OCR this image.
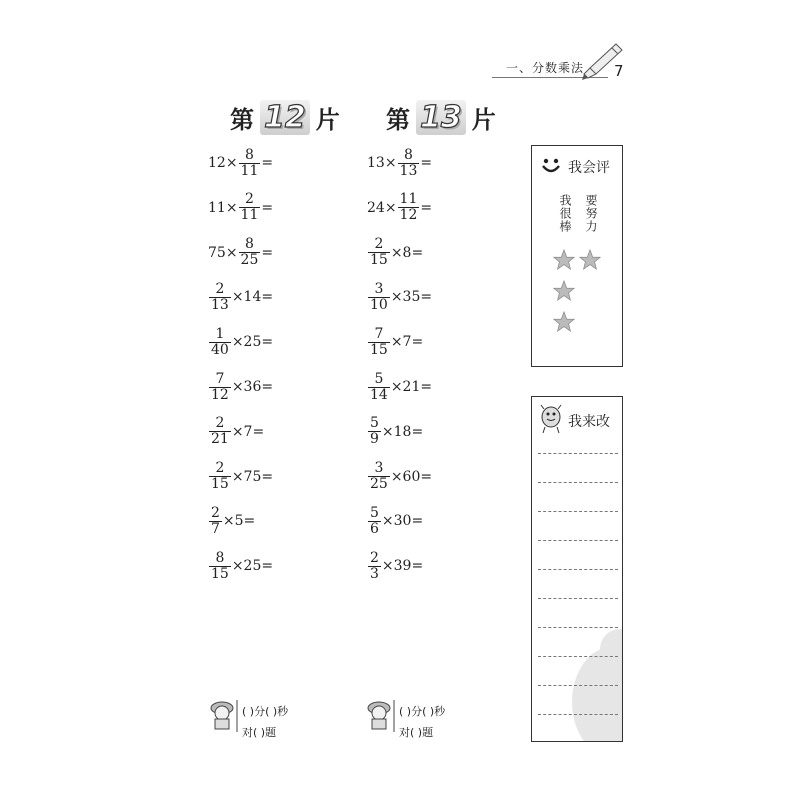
一、分数乘法 7
第 12 片 第 13 片
$12\times \frac{8}{11}$ =
$11\times \frac{2}{11}$ =
$75\times \frac{8}{25}$ =
$\frac{2}{13} \times 14=$
$\frac{1}{40} \times 25=$
$\frac{7}{12} \times 36=$
$\frac{2}{21} \times 7=$
$\frac{2}{15} \times 75=$
$\frac{2}{7} \times 5=$
$\frac{8}{15} \times 25=$
$13\times \frac{8}{13}$ =
$24\times \frac{11}{12}$ =
$\frac{2}{15} \times 8=$
$\frac{3}{10} \times 35=$
$\frac{7}{15} \times 7=$
$\frac{5}{14} \times 21=$
$\frac{5}{9} \times 18=$
$\frac{3}{25} \times 60=$
$\frac{5}{6} \times 30=$
$\frac{2}{3} \times 39=$
我会评
我很棒 要努力
我来改
( )分( )秒
对( )题
( )分( )秒
对( )题
